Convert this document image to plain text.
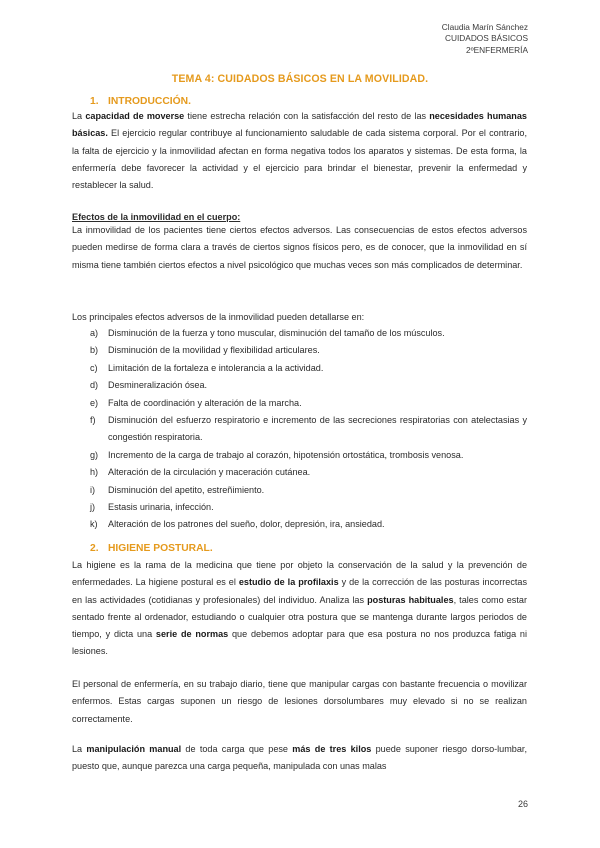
Claudia Marín Sánchez
CUIDADOS BÁSICOS
2ºENFERMERÍA
TEMA 4: CUIDADOS BÁSICOS EN LA MOVILIDAD.
1. INTRODUCCIÓN.
La capacidad de moverse tiene estrecha relación con la satisfacción del resto de las necesidades humanas básicas. El ejercicio regular contribuye al funcionamiento saludable de cada sistema corporal. Por el contrario, la falta de ejercicio y la inmovilidad afectan en forma negativa todos los aparatos y sistemas. De esta forma, la enfermería debe favorecer la actividad y el ejercicio para brindar el bienestar, prevenir la enfermedad y restablecer la salud.
Efectos de la inmovilidad en el cuerpo:
La inmovilidad de los pacientes tiene ciertos efectos adversos. Las consecuencias de estos efectos adversos pueden medirse de forma clara a través de ciertos signos físicos pero, es de conocer, que la inmovilidad en sí misma tiene también ciertos efectos a nivel psicológico que muchas veces son más complicados de determinar.
Los principales efectos adversos de la inmovilidad pueden detallarse en:
a) Disminución de la fuerza y tono muscular, disminución del tamaño de los músculos.
b) Disminución de la movilidad y flexibilidad articulares.
c) Limitación de la fortaleza e intolerancia a la actividad.
d) Desmineralización ósea.
e) Falta de coordinación y alteración de la marcha.
f) Disminución del esfuerzo respiratorio e incremento de las secreciones respiratorias con atelectasias y congestión respiratoria.
g) Incremento de la carga de trabajo al corazón, hipotensión ortostática, trombosis venosa.
h) Alteración de la circulación y maceración cutánea.
i) Disminución del apetito, estreñimiento.
j) Estasis urinaria, infección.
k) Alteración de los patrones del sueño, dolor, depresión, ira, ansiedad.
2. HIGIENE POSTURAL.
La higiene es la rama de la medicina que tiene por objeto la conservación de la salud y la prevención de enfermedades. La higiene postural es el estudio de la profilaxis y de la corrección de las posturas incorrectas en las actividades (cotidianas y profesionales) del individuo. Analiza las posturas habituales, tales como estar sentado frente al ordenador, estudiando o cualquier otra postura que se mantenga durante largos periodos de tiempo, y dicta una serie de normas que debemos adoptar para que esa postura no nos produzca fatiga ni lesiones.
El personal de enfermería, en su trabajo diario, tiene que manipular cargas con bastante frecuencia o movilizar enfermos. Estas cargas suponen un riesgo de lesiones dorsolumbares muy elevado si no se realizan correctamente.
La manipulación manual de toda carga que pese más de tres kilos puede suponer riesgo dorso-lumbar, puesto que, aunque parezca una carga pequeña, manipulada con unas malas
26
